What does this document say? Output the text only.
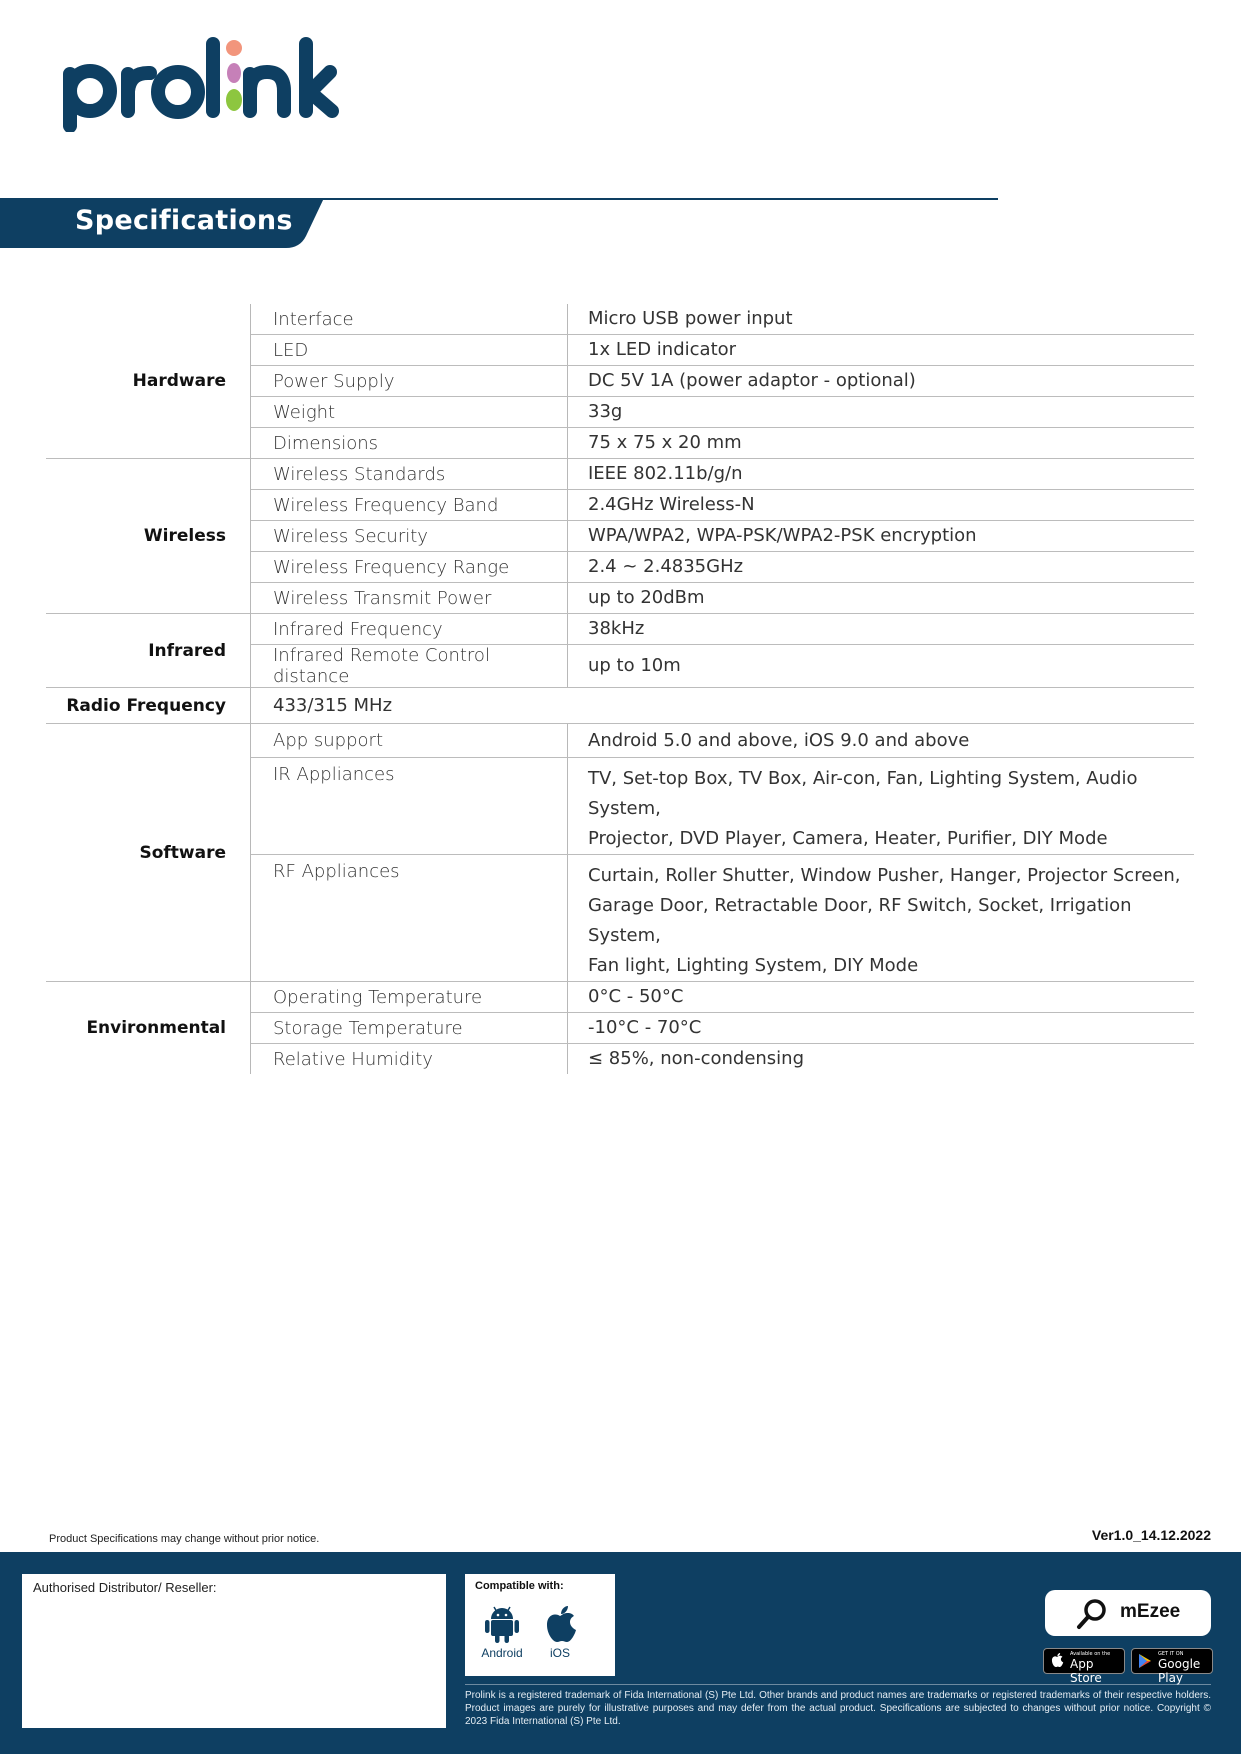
Specifications
Hardware	Interface	Micro USB power input
	LED	1x LED indicator
	Power Supply	DC 5V 1A (power adaptor - optional)
	Weight	33g
	Dimensions	75 x 75 x 20 mm
Wireless	Wireless Standards	IEEE 802.11b/g/n
	Wireless Frequency Band	2.4GHz Wireless-N
	Wireless Security	WPA/WPA2, WPA-PSK/WPA2-PSK encryption
	Wireless Frequency Range	2.4 ~ 2.4835GHz
	Wireless Transmit Power	up to 20dBm
Infrared	Infrared Frequency	38kHz
	Infrared Remote Control distance	up to 10m
Radio Frequency	433/315 MHz	
Software	App support	Android 5.0 and above, iOS 9.0 and above
	IR Appliances	TV, Set-top Box, TV Box, Air-con, Fan, Lighting System, Audio System,
Projector, DVD Player, Camera, Heater, Purifier, DIY Mode

	RF Appliances	Curtain, Roller Shutter, Window Pusher, Hanger, Projector Screen,
Garage Door, Retractable Door, RF Switch, Socket, Irrigation System,
Fan light, Lighting System, DIY Mode

Environmental	Operating Temperature	0°C - 50°C
	Storage Temperature	-10°C - 70°C
	Relative Humidity	≤ 85%, non-condensing
Product Specifications may change without prior notice.	Ver1.0_14.12.2022
Authorised Distributor/ Reseller:	Compatible with:
Android	iOS
Prolink is a registered trademark of Fida International (S) Pte Ltd. Other brands and product names are trademarks or registered trademarks of their respective holders. Product images are purely for illustrative purposes and may defer from the actual product. Specifications are subjected to changes without prior notice. Copyright © 2023 Fida International (S) Pte Ltd.
mEzee
Available on the
App Store
GET IT ON
Google Play
